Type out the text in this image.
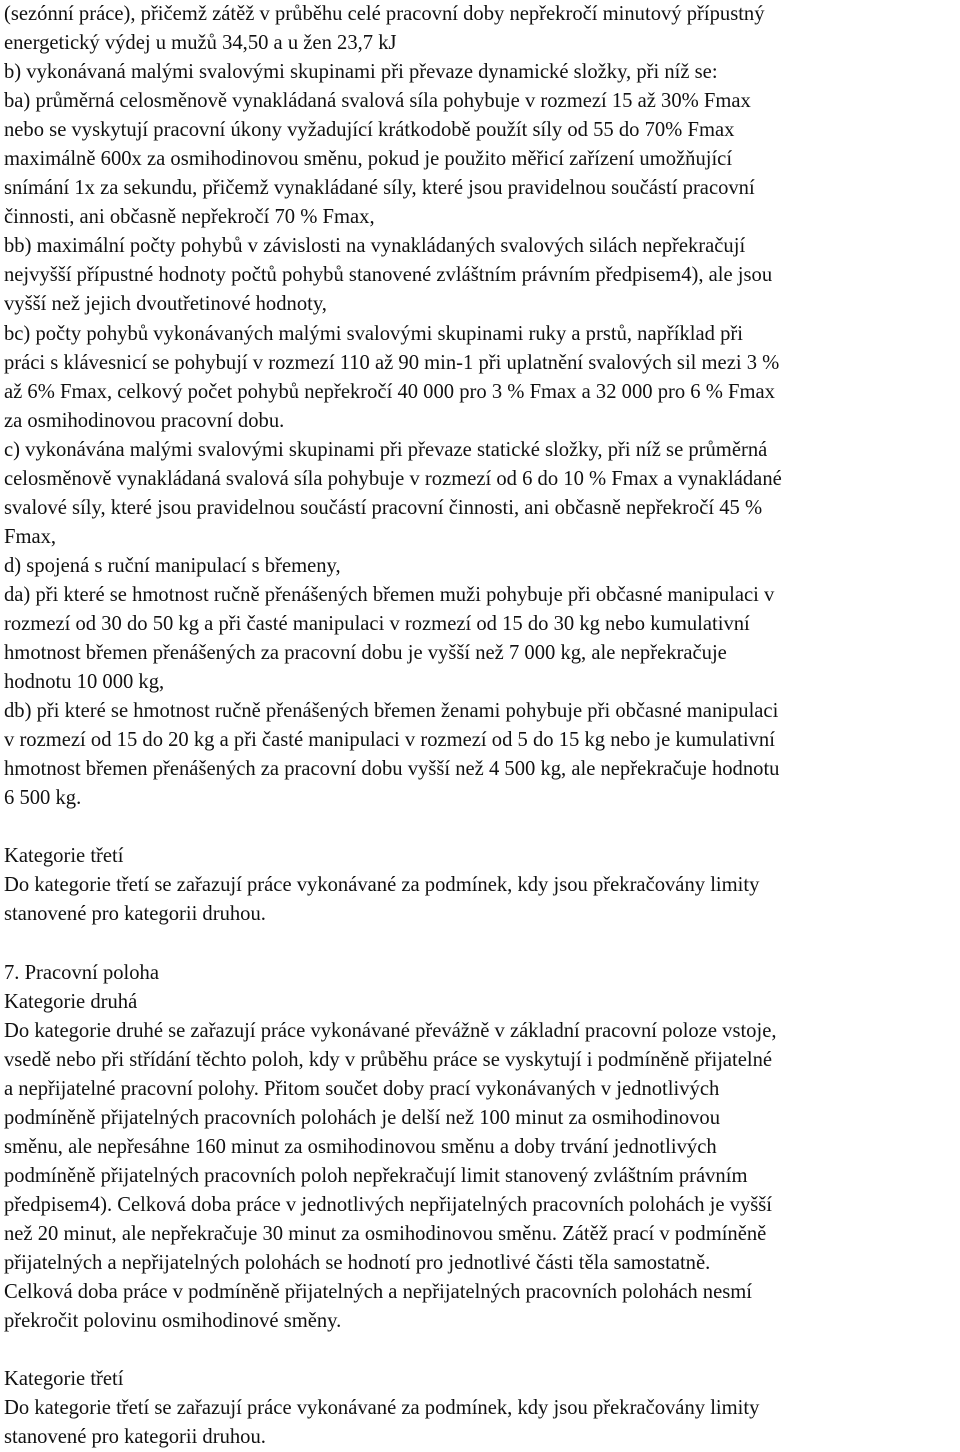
(sezónní práce), přičemž zátěž v průběhu celé pracovní doby nepřekročí minutový přípustný
energetický výdej u mužů 34,50 a u žen 23,7 kJ
b) vykonávaná malými svalovými skupinami při převaze dynamické složky, při níž se:
ba) průměrná celosměnově vynakládaná svalová síla pohybuje v rozmezí 15 až 30% Fmax
nebo se vyskytují pracovní úkony vyžadující krátkodobě použít síly od 55 do 70% Fmax
maximálně 600x za osmihodinovou směnu, pokud je použito měřicí zařízení umožňující
snímání 1x za sekundu, přičemž vynakládané síly, které jsou pravidelnou součástí pracovní
činnosti, ani občasně nepřekročí 70 % Fmax,
bb) maximální počty pohybů v závislosti na vynakládaných svalových silách nepřekračují
nejvyšší přípustné hodnoty počtů pohybů stanovené zvláštním právním předpisem4), ale jsou
vyšší než jejich dvoutřetinové hodnoty,
bc) počty pohybů vykonávaných malými svalovými skupinami ruky a prstů, například při
práci s klávesnicí se pohybují v rozmezí 110 až 90 min-1 při uplatnění svalových sil mezi 3 %
až 6% Fmax, celkový počet pohybů nepřekročí 40 000 pro 3 % Fmax a 32 000 pro 6 % Fmax
za osmihodinovou pracovní dobu.
c) vykonávána malými svalovými skupinami při převaze statické složky, při níž se průměrná
celosměnově vynakládaná svalová síla pohybuje v rozmezí od 6 do 10 % Fmax a vynakládané
svalové síly, které jsou pravidelnou součástí pracovní činnosti, ani občasně nepřekročí 45 %
Fmax,
d) spojená s ruční manipulací s břemeny,
da) při které se hmotnost ručně přenášených břemen muži pohybuje při občasné manipulaci v
rozmezí od 30 do 50 kg a při časté manipulaci v rozmezí od 15 do 30 kg nebo kumulativní
hmotnost břemen přenášených za pracovní dobu je vyšší než 7 000 kg, ale nepřekračuje
hodnotu 10 000 kg,
db) při které se hmotnost ručně přenášených břemen ženami pohybuje při občasné manipulaci
v rozmezí od 15 do 20 kg a při časté manipulaci v rozmezí od 5 do 15 kg nebo je kumulativní
hmotnost břemen přenášených za pracovní dobu vyšší než 4 500 kg, ale nepřekračuje hodnotu
6 500 kg.
Kategorie třetí
Do kategorie třetí se zařazují práce vykonávané za podmínek, kdy jsou překračovány limity
stanovené pro kategorii druhou.
7. Pracovní poloha
Kategorie druhá
Do kategorie druhé se zařazují práce vykonávané převážně v základní pracovní poloze vstoje,
vsedě nebo při střídání těchto poloh, kdy v průběhu práce se vyskytují i podmíněně přijatelné
a nepřijatelné pracovní polohy. Přitom součet doby prací vykonávaných v jednotlivých
podmíněně přijatelných pracovních polohách je delší než 100 minut za osmihodinovou
směnu, ale nepřesáhne 160 minut za osmihodinovou směnu a doby trvání jednotlivých
podmíněně přijatelných pracovních poloh nepřekračují limit stanovený zvláštním právním
předpisem4). Celková doba práce v jednotlivých nepřijatelných pracovních polohách je vyšší
než 20 minut, ale nepřekračuje 30 minut za osmihodinovou směnu. Zátěž prací v podmíněně
přijatelných a nepřijatelných polohách se hodnotí pro jednotlivé části těla samostatně.
Celková doba práce v podmíněně přijatelných a nepřijatelných pracovních polohách nesmí
překročit polovinu osmihodinové směny.
Kategorie třetí
Do kategorie třetí se zařazují práce vykonávané za podmínek, kdy jsou překračovány limity
stanovené pro kategorii druhou.
